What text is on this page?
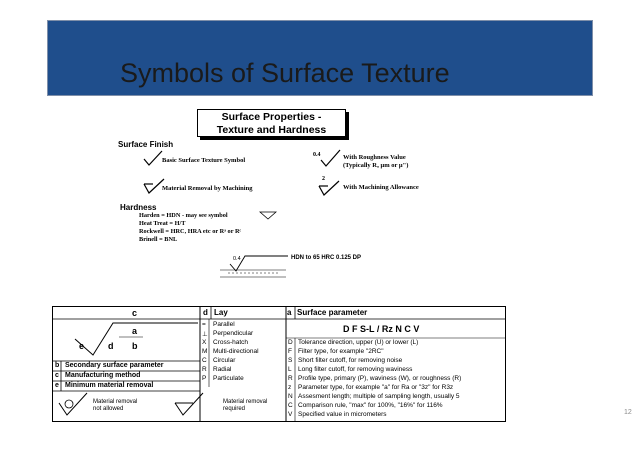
Symbols of Surface Texture
Surface Properties -
Texture and Hardness
Surface Finish
Basic Surface Texture Symbol
0.4	With Roughness Value
(Typically Rₐ μm or μ")
Material Removal by Machining
2
With Machining Allowance
Hardness
Harden = HDN - may see symbol
Heat Treat = H/T
Rockwell = HRC, HRA etc or Rᵃ or Rᶜ
Brinell = BNL
0.4	HDN to 65 HRC 0.125 DP
c
a
e	d b
b Secondary surface parameter
c Manufacturing method
e Minimum material removal
Material removal
not allowed
Material removal
required
d Lay
= Parallel
⊥ Perpendicular
X Cross-hatch
M Multi-directional
C Circular
R Radial
P Particulate
a Surface parameter
D F S-L / Rz N C V
D Tolerance direction, upper (U) or lower (L)
F Filter type, for example "2RC"
S Short filter cutoff, for removing noise
L Long filter cutoff, for removing waviness
R Profile type, primary (P), waviness (W), or roughness (R)
z Parameter type, for example "a" for Ra or "3z" for R3z
N Assesment length; multiple of sampling length, usually 5
C Comparison rule, "max" for 100%, "16%" for 116%
V Specified value in micrometers	12
